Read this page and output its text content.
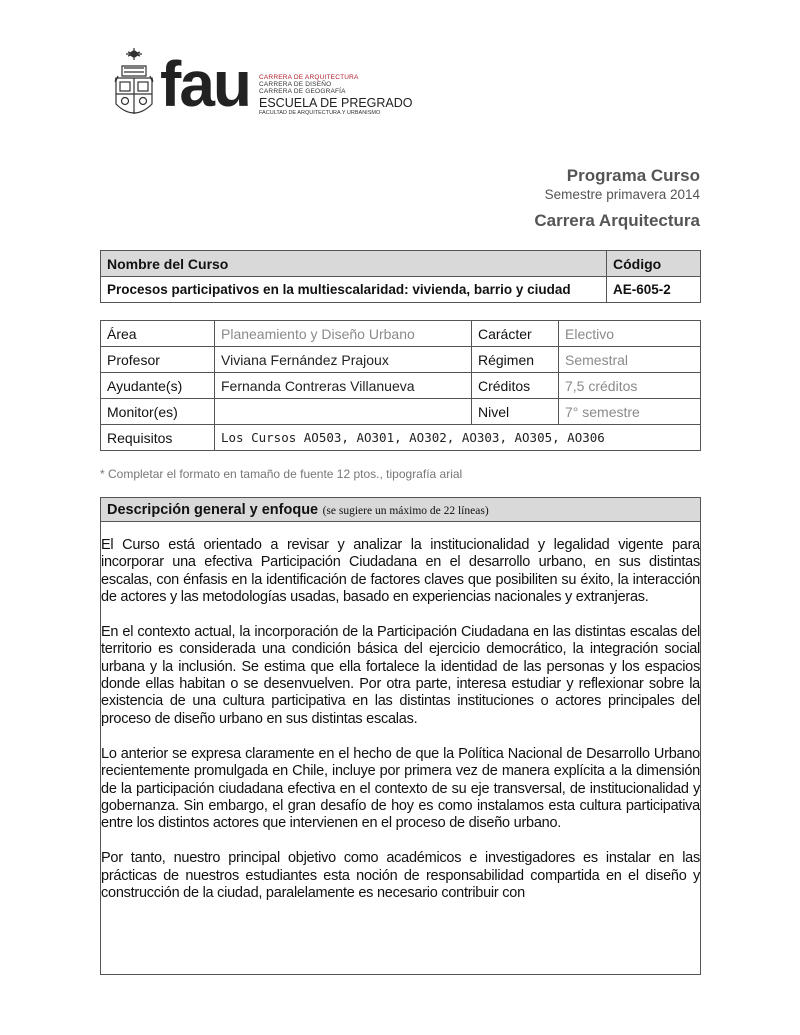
fau CARRERA DE ARQUITECTURA
CARRERA DE DISEÑO
CARRERA DE GEOGRAFÍA
ESCUELA DE PREGRADO
FACULTAD DE ARQUITECTURA Y URBANISMO
Programa Curso
Semestre primavera 2014
Carrera Arquitectura
Nombre del Curso	Código
Procesos participativos en la multiescalaridad: vivienda, barrio y ciudad	AE-605-2
Área	Planeamiento y Diseño Urbano	Carácter	Electivo
Profesor	Viviana Fernández Prajoux	Régimen	Semestral
Ayudante(s)	Fernanda Contreras Villanueva	Créditos	7,5 créditos
Monitor(es)		Nivel	7° semestre
Requisitos	Los Cursos AO503, AO301, AO302, AO303, AO305, AO306		
* Completar el formato en tamaño de fuente 12 ptos., tipografía arial
Descripción general y enfoque (se sugiere un máximo de 22 líneas)

El Curso está orientado a revisar y analizar la institucionalidad y legalidad vigente para incorporar una efectiva Participación Ciudadana en el desarrollo urbano, en sus distintas escalas, con énfasis en la identificación de factores claves que posibiliten su éxito, la interacción de actores y las metodologías usadas, basado en experiencias nacionales y extranjeras.

En el contexto actual, la incorporación de la Participación Ciudadana en las distintas escalas del territorio es considerada una condición básica del ejercicio democrático, la integración social urbana y la inclusión. Se estima que ella fortalece la identidad de las personas y los espacios donde ellas habitan o se desenvuelven. Por otra parte, interesa estudiar y reflexionar sobre la existencia de una cultura participativa en las distintas instituciones o actores principales del proceso de diseño urbano en sus distintas escalas.

Lo anterior se expresa claramente en el hecho de que la Política Nacional de Desarrollo Urbano recientemente promulgada en Chile, incluye por primera vez de manera explícita a la dimensión de la participación ciudadana efectiva en el contexto de su eje transversal, de institucionalidad y gobernanza. Sin embargo, el gran desafío de hoy es como instalamos esta cultura participativa entre los distintos actores que intervienen en el proceso de diseño urbano.

Por tanto, nuestro principal objetivo como académicos e investigadores es instalar en las prácticas de nuestros estudiantes esta noción de responsabilidad compartida en el diseño y construcción de la ciudad, paralelamente es necesario contribuir con
